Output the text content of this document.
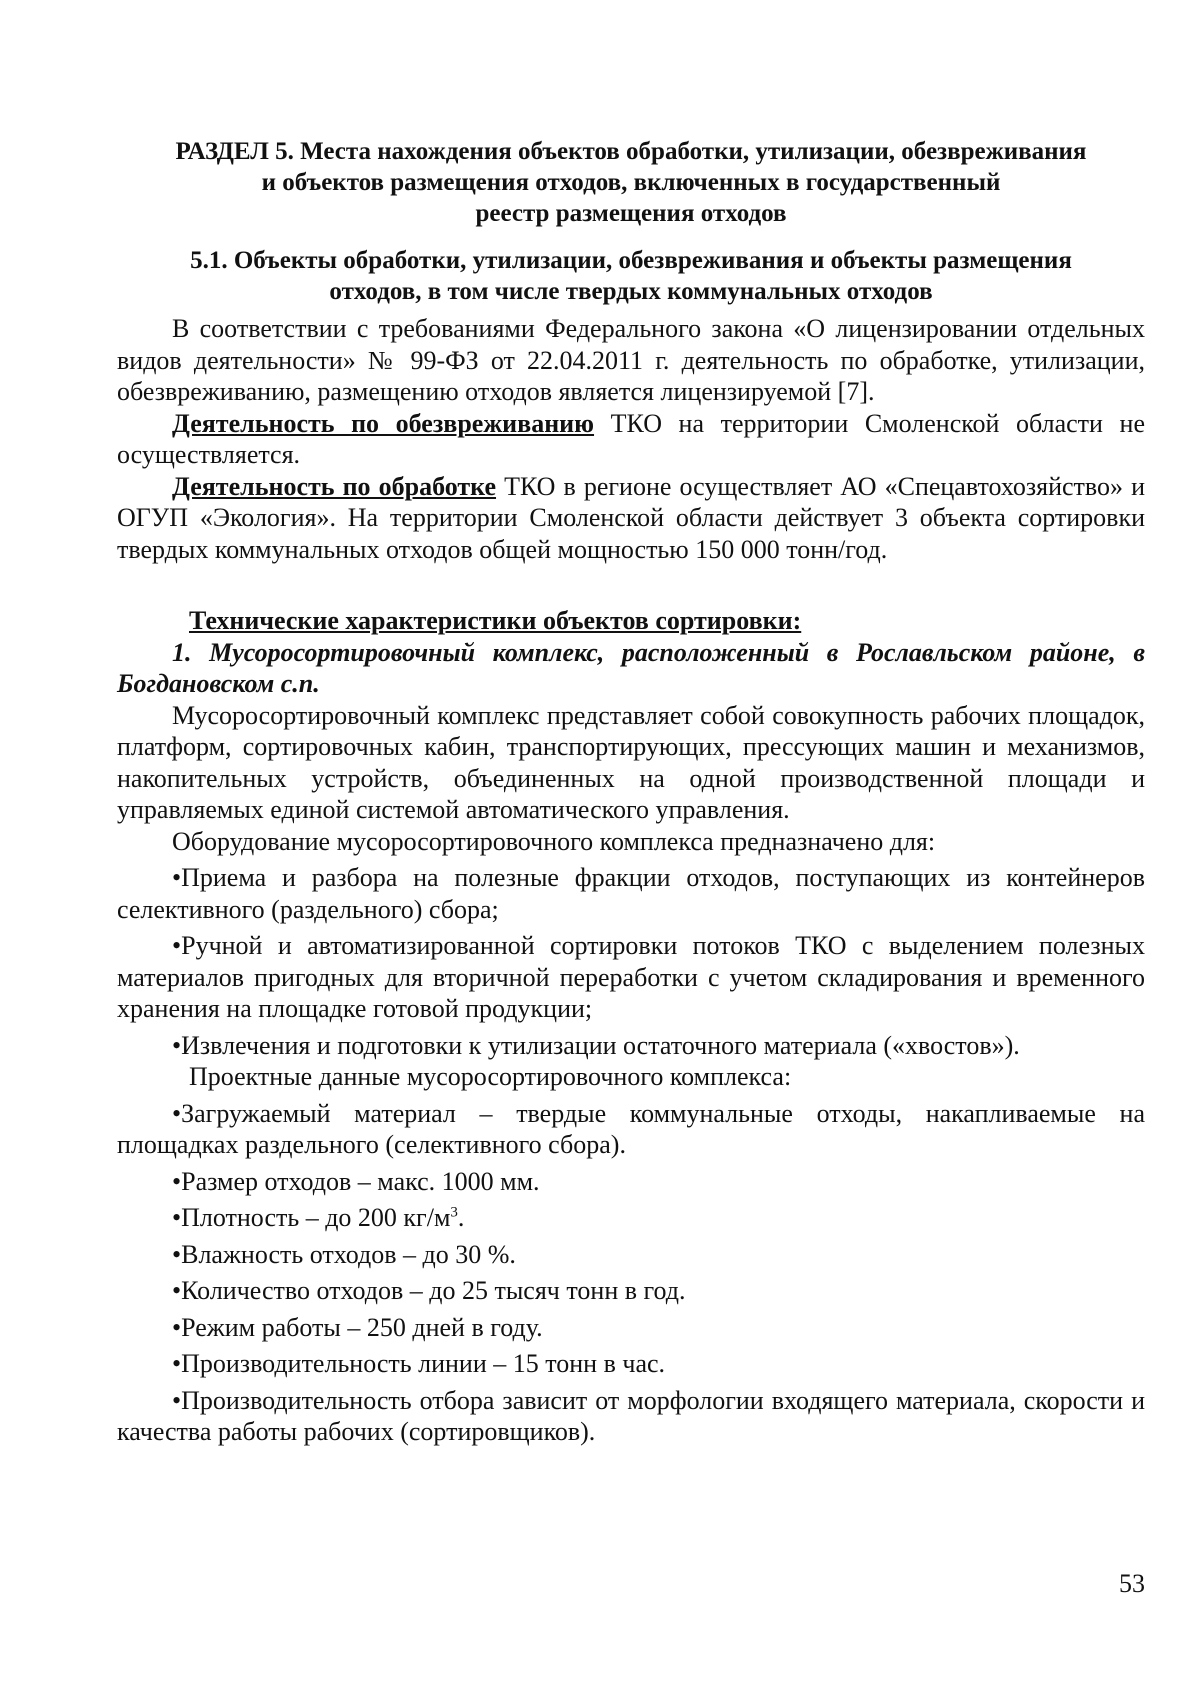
РАЗДЕЛ 5. Места нахождения объектов обработки, утилизации, обезвреживания
и объектов размещения отходов, включенных в государственный
реестр размещения отходов
5.1. Объекты обработки, утилизации, обезвреживания и объекты размещения
отходов, в том числе твердых коммунальных отходов

В соответствии с требованиями Федерального закона «О лицензировании отдельных видов деятельности» № 99-ФЗ от 22.04.2011 г. деятельность по обработке, утилизации, обезвреживанию, размещению отходов является лицензируемой [7].

Деятельность по обезвреживанию ТКО на территории Смоленской области не осуществляется.

Деятельность по обработке ТКО в регионе осуществляет АО «Спецавтохозяйство» и ОГУП «Экология». На территории Смоленской области действует 3 объекта сортировки твердых коммунальных отходов общей мощностью 150 000 тонн/год.

Технические характеристики объектов сортировки:

1. Мусоросортировочный комплекс, расположенный в Рославльском районе, в Богдановском с.п.

Мусоросортировочный комплекс представляет собой совокупность рабочих площадок, платформ, сортировочных кабин, транспортирующих, прессующих машин и механизмов, накопительных устройств, объединенных на одной производственной площади и управляемых единой системой автоматического управления.

Оборудование мусоросортировочного комплекса предназначено для:

•Приема и разбора на полезные фракции отходов, поступающих из контейнеров селективного (раздельного) сбора;

•Ручной и автоматизированной сортировки потоков ТКО с выделением полезных материалов пригодных для вторичной переработки с учетом складирования и временного хранения на площадке готовой продукции;

•Извлечения и подготовки к утилизации остаточного материала («хвостов»).

Проектные данные мусоросортировочного комплекса:

•Загружаемый материал – твердые коммунальные отходы, накапливаемые на площадках раздельного (селективного сбора).

•Размер отходов – макс. 1000 мм.

•Плотность – до 200 $кг/м^3$.

•Влажность отходов – до 30 %.

•Количество отходов – до 25 тысяч тонн в год.

•Режим работы – 250 дней в году.

•Производительность линии – 15 тонн в час.

•Производительность отбора зависит от морфологии входящего материала, скорости и качества работы рабочих (сортировщиков).

53
